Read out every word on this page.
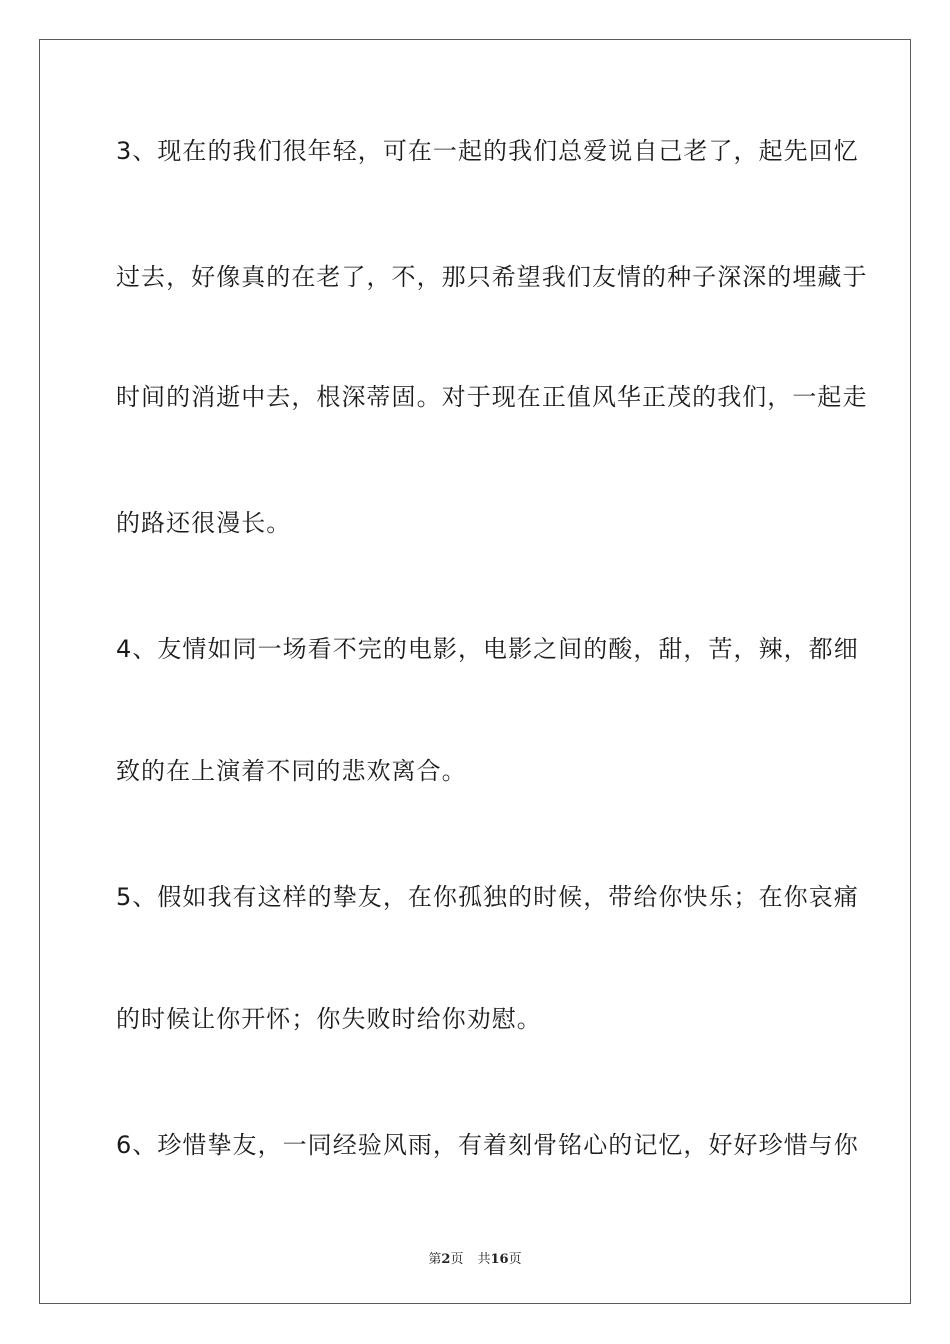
3、现在的我们很年轻，可在一起的我们总爱说自己老了，起先回忆
过去，好像真的在老了，不，那只希望我们友情的种子深深的埋藏于
时间的消逝中去，根深蒂固。对于现在正值风华正茂的我们，一起走
的路还很漫长。
4、友情如同一场看不完的电影，电影之间的酸，甜，苦，辣，都细
致的在上演着不同的悲欢离合。
5、假如我有这样的挚友，在你孤独的时候，带给你快乐；在你哀痛
的时候让你开怀；你失败时给你劝慰。
6、珍惜挚友，一同经验风雨，有着刻骨铭心的记忆，好好珍惜与你
第2页 共16页
